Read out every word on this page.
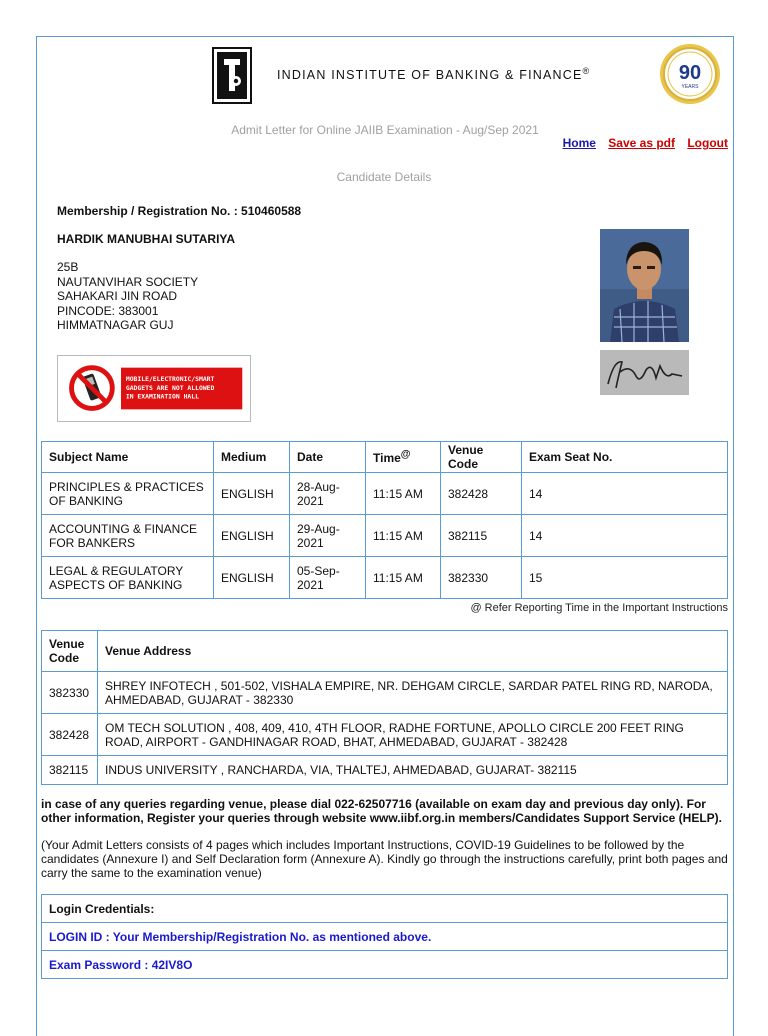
INDIAN INSTITUTE OF BANKING & FINANCE®	90
YEARS
Admit Letter for Online JAIIB Examination - Aug/Sep 2021
Home Save as pdf Logout
Candidate Details
Membership / Registration No. : 510460588
HARDIK MANUBHAI SUTARIYA
25B
NAUTANVIHAR SOCIETY
SAHAKARI JIN ROAD
PINCODE: 383001
HIMMATNAGAR GUJ
MOBILE/ELECTRONIC/SMART
GADGETS ARE NOT ALLOWED
IN EXAMINATION HALL
Subject Name	Medium	Date	Time@	Venue Code	Exam Seat No.
PRINCIPLES & PRACTICES OF BANKING	ENGLISH	28-Aug-2021	11:15 AM	382428	14
ACCOUNTING & FINANCE FOR BANKERS	ENGLISH	29-Aug-2021	11:15 AM	382115	14
LEGAL & REGULATORY ASPECTS OF BANKING	ENGLISH	05-Sep-2021	11:15 AM	382330	15
@ Refer Reporting Time in the Important Instructions
Venue Code	Venue Address
382330	SHREY INFOTECH , 501-502, VISHALA EMPIRE, NR. DEHGAM CIRCLE, SARDAR PATEL RING RD, NARODA, AHMEDABAD, GUJARAT - 382330
382428	OM TECH SOLUTION , 408, 409, 410, 4TH FLOOR, RADHE FORTUNE, APOLLO CIRCLE 200 FEET RING ROAD, AIRPORT - GANDHINAGAR ROAD, BHAT, AHMEDABAD, GUJARAT - 382428
382115	INDUS UNIVERSITY , RANCHARDA, VIA, THALTEJ, AHMEDABAD, GUJARAT- 382115
in case of any queries regarding venue, please dial 022-62507716 (available on exam day and previous day only). For other information, Register your queries through website www.iibf.org.in members/Candidates Support Service (HELP).
(Your Admit Letters consists of 4 pages which includes Important Instructions, COVID-19 Guidelines to be followed by the candidates (Annexure I) and Self Declaration form (Annexure A). Kindly go through the instructions carefully, print both pages and carry the same to the examination venue)
Login Credentials:
LOGIN ID : Your Membership/Registration No. as mentioned above.
Exam Password : 42IV8O
